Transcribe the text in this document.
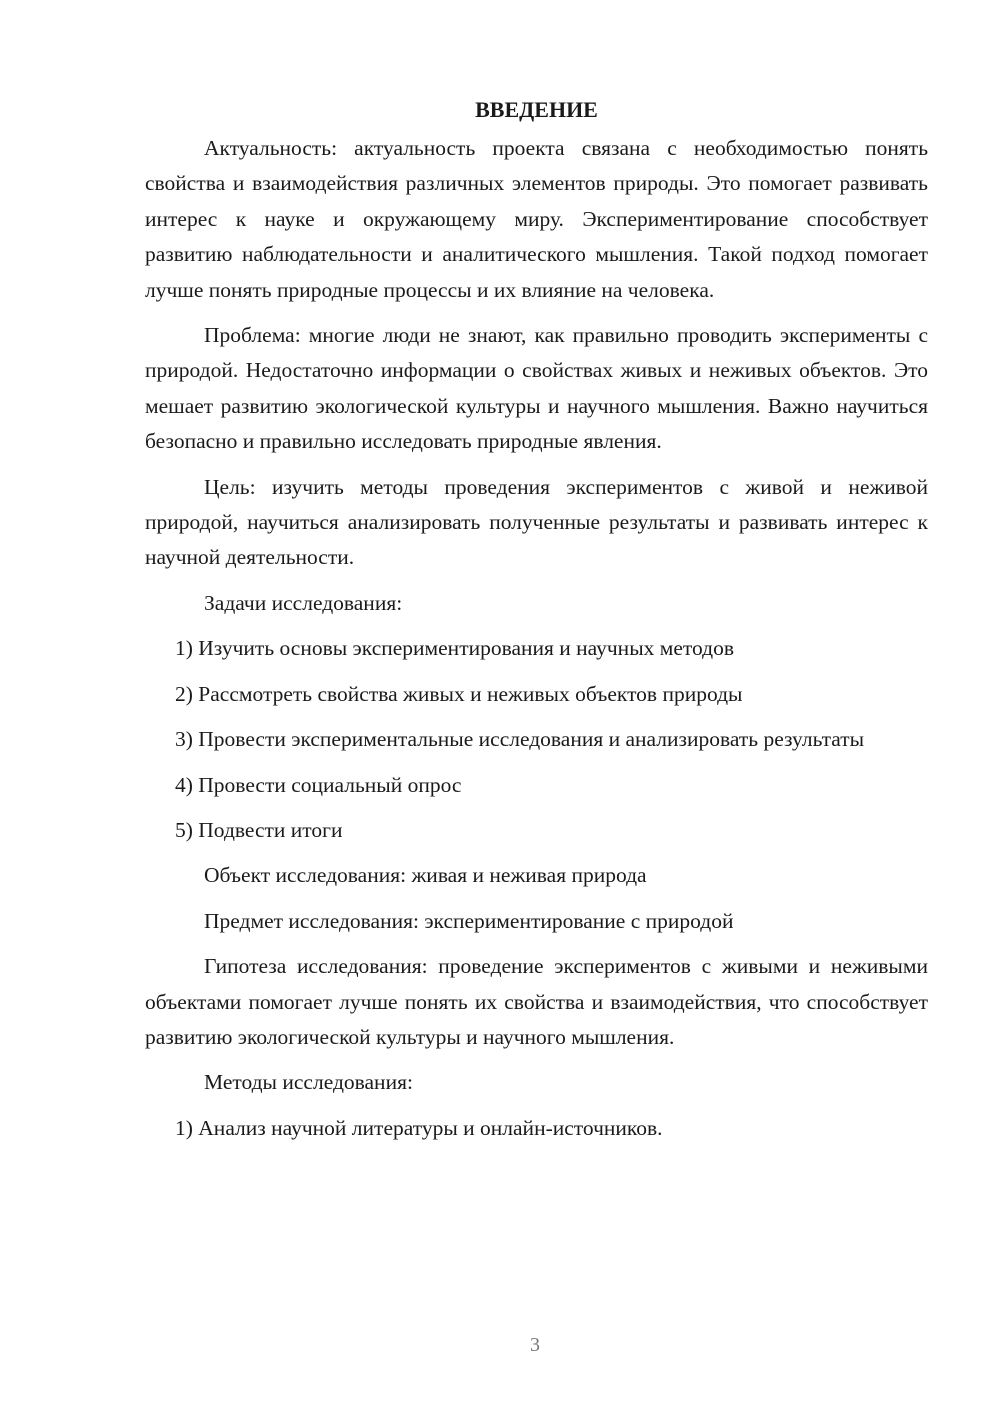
ВВЕДЕНИЕ

Актуальность: актуальность проекта связана с необходимостью понять свойства и взаимодействия различных элементов природы. Это помогает развивать интерес к науке и окружающему миру. Экспериментирование способствует развитию наблюдательности и аналитического мышления. Такой подход помогает лучше понять природные процессы и их влияние на человека.

Проблема: многие люди не знают, как правильно проводить эксперименты с природой. Недостаточно информации о свойствах живых и неживых объектов. Это мешает развитию экологической культуры и научного мышления. Важно научиться безопасно и правильно исследовать природные явления.

Цель: изучить методы проведения экспериментов с живой и неживой природой, научиться анализировать полученные результаты и развивать интерес к научной деятельности.

Задачи исследования:

1) Изучить основы экспериментирования и научных методов

2) Рассмотреть свойства живых и неживых объектов природы

3) Провести экспериментальные исследования и анализировать результаты

4) Провести социальный опрос

5) Подвести итоги

Объект исследования: живая и неживая природа

Предмет исследования: экспериментирование с природой

Гипотеза исследования: проведение экспериментов с живыми и неживыми объектами помогает лучше понять их свойства и взаимодействия, что способствует развитию экологической культуры и научного мышления.

Методы исследования:

1) Анализ научной литературы и онлайн-источников.

3
